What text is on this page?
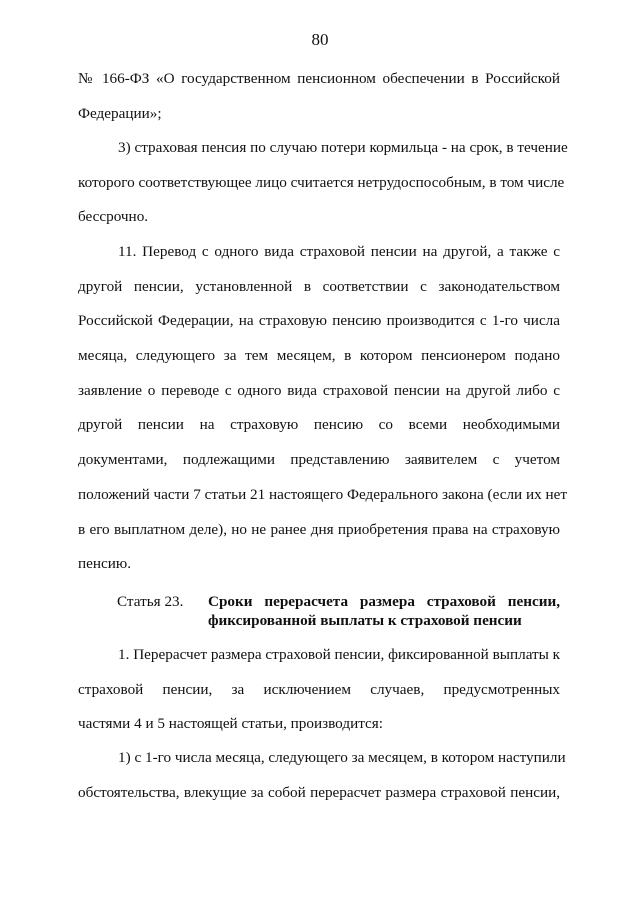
80
№ 166-ФЗ «О государственном пенсионном обеспечении в Российской
Федерации»;
3) страховая пенсия по случаю потери кормильца - на срок, в течение
которого соответствующее лицо считается нетрудоспособным, в том числе
бессрочно.
11. Перевод с одного вида страховой пенсии на другой, а также с
другой пенсии, установленной в соответствии с законодательством
Российской Федерации, на страховую пенсию производится с 1-го числа
месяца, следующего за тем месяцем, в котором пенсионером подано
заявление о переводе с одного вида страховой пенсии на другой либо с
другой пенсии на страховую пенсию со всеми необходимыми
документами, подлежащими представлению заявителем с учетом
положений части 7 статьи 21 настоящего Федерального закона (если их нет
в его выплатном деле), но не ранее дня приобретения права на страховую
пенсию.
Статья 23.	Сроки перерасчета размера страховой пенсии,
фиксированной выплаты к страховой пенсии
1. Перерасчет размера страховой пенсии, фиксированной выплаты к
страховой пенсии, за исключением случаев, предусмотренных
частями 4 и 5 настоящей статьи, производится:
1) с 1-го числа месяца, следующего за месяцем, в котором наступили
обстоятельства, влекущие за собой перерасчет размера страховой пенсии,
